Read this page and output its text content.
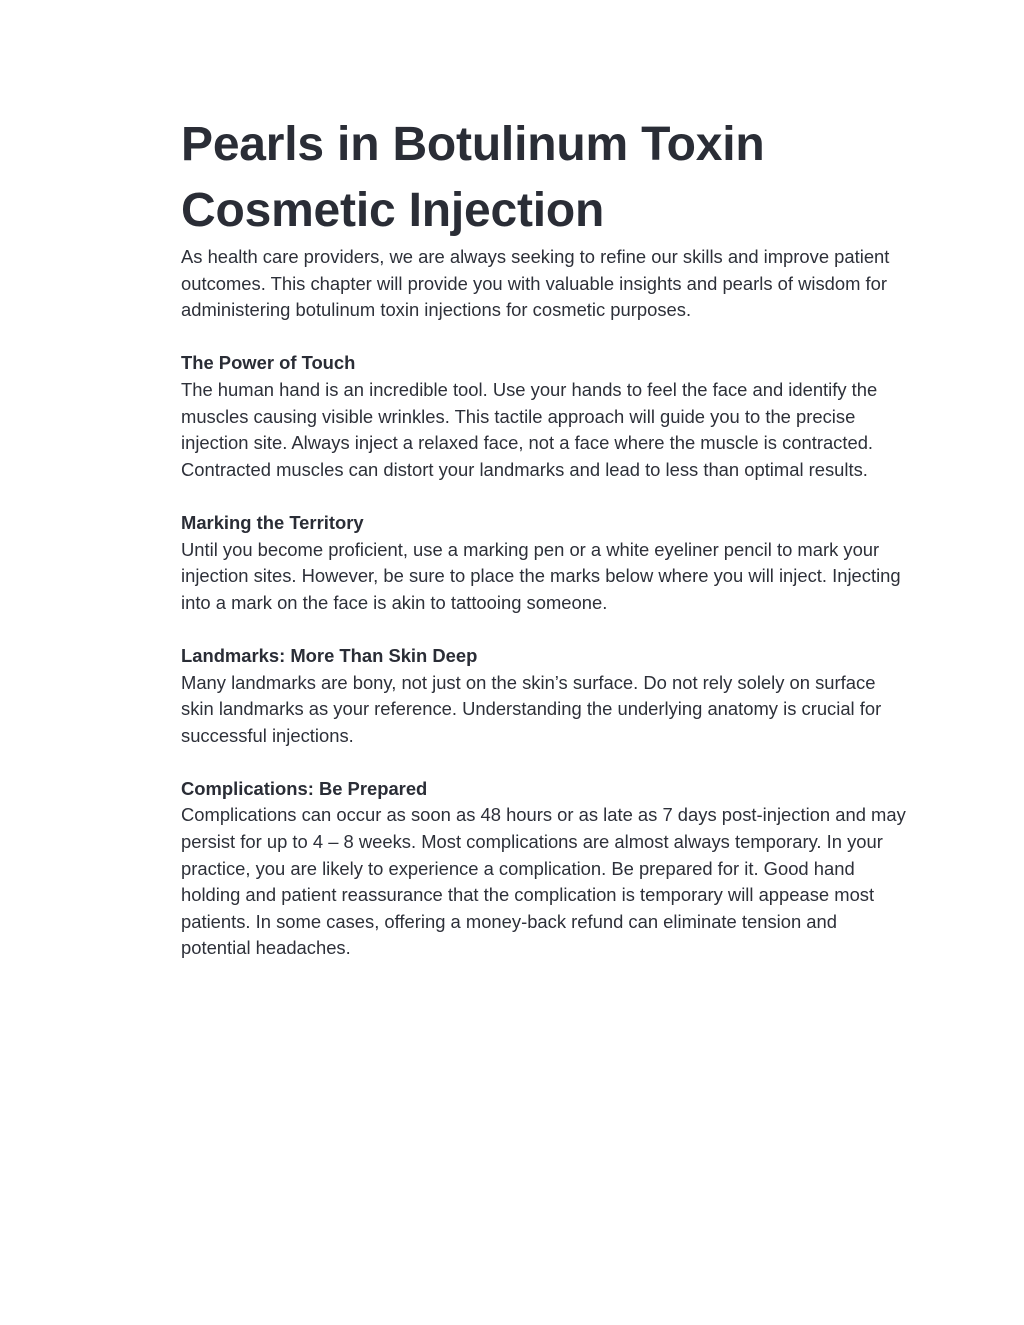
Pearls in Botulinum Toxin
Cosmetic Injection

As health care providers, we are always seeking to refine our skills and improve patient outcomes. This chapter will provide you with valuable insights and pearls of wisdom for administering botulinum toxin injections for cosmetic purposes.

The Power of Touch

The human hand is an incredible tool. Use your hands to feel the face and identify the muscles causing visible wrinkles. This tactile approach will guide you to the precise injection site. Always inject a relaxed face, not a face where the muscle is contracted. Contracted muscles can distort your landmarks and lead to less than optimal results.

Marking the Territory

Until you become proficient, use a marking pen or a white eyeliner pencil to mark your injection sites. However, be sure to place the marks below where you will inject. Injecting into a mark on the face is akin to tattooing someone.

Landmarks: More Than Skin Deep

Many landmarks are bony, not just on the skin’s surface. Do not rely solely on surface skin landmarks as your reference. Understanding the underlying anatomy is crucial for successful injections.

Complications: Be Prepared

Complications can occur as soon as 48 hours or as late as 7 days post-injection and may persist for up to 4 – 8 weeks. Most complications are almost always temporary. In your practice, you are likely to experience a complication. Be prepared for it. Good hand holding and patient reassurance that the complication is temporary will appease most patients. In some cases, offering a money-back refund can eliminate tension and potential headaches.
